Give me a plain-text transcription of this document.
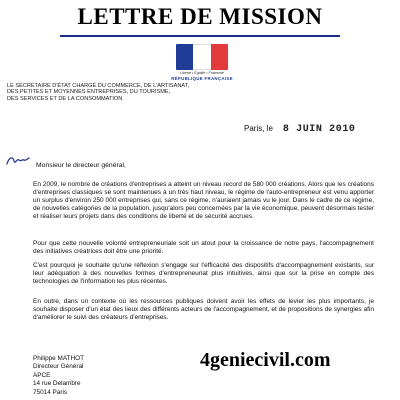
LETTRE DE MISSION
Liberté • Égalité • Fraternité
RÉPUBLIQUE FRANÇAISE
LE SECRÉTAIRE D'ÉTAT CHARGÉ DU COMMERCE, DE L'ARTISANAT,
DES PETITES ET MOYENNES ENTREPRISES, DU TOURISME,
DES SERVICES ET DE LA CONSOMMATION
Paris, le 8 JUIN 2010
Monsieur le directeur général,
En 2009, le nombre de créations d'entreprises a atteint un niveau record de 580 000 créations. Alors que les créations d'entreprises classiques se sont maintenues à un très haut niveau, le régime de l'auto-entrepreneur est venu apporter un surplus d'environ 250 000 entreprises qui, sans ce régime, n'auraient jamais vu le jour. Dans le cadre de ce régime, de nouvelles catégories de la population, jusqu'alors peu concernées par la vie économique, peuvent désormais tester et réaliser leurs projets dans des conditions de liberté et de sécurité accrues.
Pour que cette nouvelle volonté entrepreneuriale soit un atout pour la croissance de notre pays, l'accompagnement des initiatives créatrices doit être une priorité.
C'est pourquoi je souhaite qu'une réflexion s'engage sur l'efficacité des dispositifs d'accompagnement existants, sur leur adéquation à des nouvelles formes d'entrepreneuriat plus intuitives, ainsi que sur la prise en compte des technologies de l'information les plus récentes.
En outre, dans un contexte où les ressources publiques doivent avoir les effets de levier les plus importants, je souhaite disposer d'un état des lieux des différents acteurs de l'accompagnement, et de propositions de synergies afin d'améliorer le suivi des créateurs d'entreprises.
Philippe MATHOT
Directeur Général
APCE
14 rue Delambre
75014 Paris
4geniecivil.com
